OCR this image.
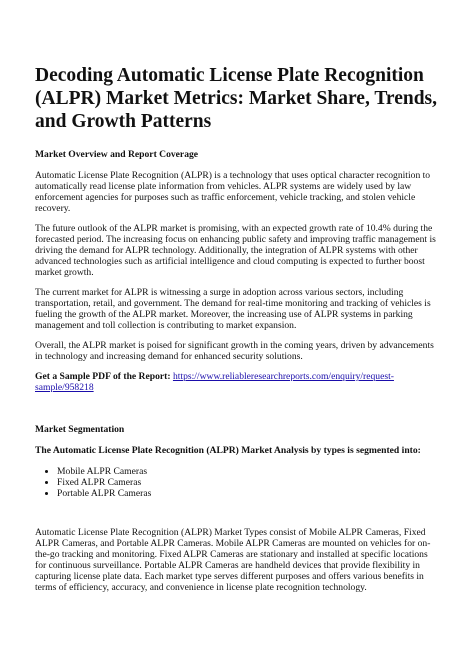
Decoding Automatic License Plate Recognition (ALPR) Market Metrics: Market Share, Trends, and Growth Patterns
Market Overview and Report Coverage

Automatic License Plate Recognition (ALPR) is a technology that uses optical character recognition to automatically read license plate information from vehicles. ALPR systems are widely used by law enforcement agencies for purposes such as traffic enforcement, vehicle tracking, and stolen vehicle recovery.

The future outlook of the ALPR market is promising, with an expected growth rate of 10.4% during the forecasted period. The increasing focus on enhancing public safety and improving traffic management is driving the demand for ALPR technology. Additionally, the integration of ALPR systems with other advanced technologies such as artificial intelligence and cloud computing is expected to further boost market growth.

The current market for ALPR is witnessing a surge in adoption across various sectors, including transportation, retail, and government. The demand for real-time monitoring and tracking of vehicles is fueling the growth of the ALPR market. Moreover, the increasing use of ALPR systems in parking management and toll collection is contributing to market expansion.

Overall, the ALPR market is poised for significant growth in the coming years, driven by advancements in technology and increasing demand for enhanced security solutions.

Get a Sample PDF of the Report: https://www.reliableresearchreports.com/enquiry/request-sample/958218

Market Segmentation
The Automatic License Plate Recognition (ALPR) Market Analysis by types is segmented into:
• Mobile ALPR Cameras
• Fixed ALPR Cameras
• Portable ALPR Cameras

Automatic License Plate Recognition (ALPR) Market Types consist of Mobile ALPR Cameras, Fixed ALPR Cameras, and Portable ALPR Cameras. Mobile ALPR Cameras are mounted on vehicles for on-the-go tracking and monitoring. Fixed ALPR Cameras are stationary and installed at specific locations for continuous surveillance. Portable ALPR Cameras are handheld devices that provide flexibility in capturing license plate data. Each market type serves different purposes and offers various benefits in terms of efficiency, accuracy, and convenience in license plate recognition technology.
